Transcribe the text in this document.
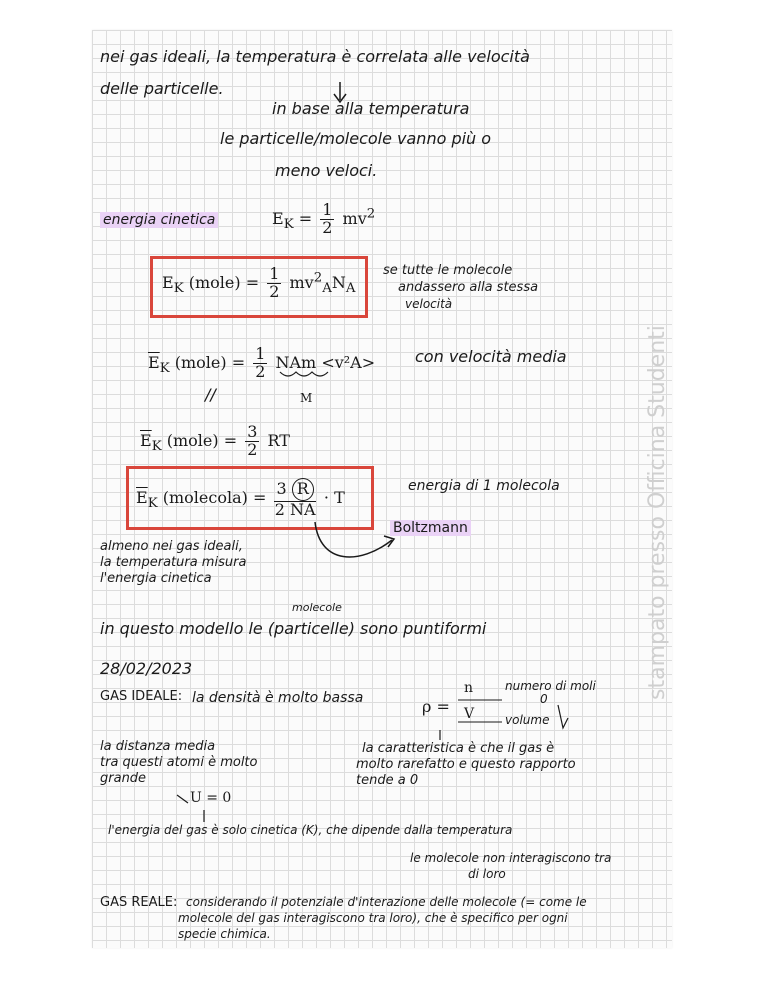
nei gas ideali, la temperatura è correlata alle velocità
delle particelle.
in base alla temperatura
le particelle/molecole vanno più o
meno veloci.
energia cinetica	$E_K = \frac{1}{2} mv^2$
$E_K$ (mole) = $\frac{1}{2} mv^2_AN_A$
se tutte le molecole
andassero alla stessa
velocità
$\overline{E}_K$ (mole) = $\frac{1}{2}$ NAm <v²A>
M
con velocità media
//
$\overline{E}_K$ (mole) = $\frac{3}{2}$ RT
$\overline{E}_K$ (molecola) = $\frac{3 R}{2 NA} \cdot T$
energia di 1 molecola
Boltzmann
almeno nei gas ideali,
la temperatura misura
l'energia cinetica
molecole
in questo modello le (particelle) sono puntiformi
28/02/2023
GAS IDEALE: la densità è molto bassa	ρ =
n
V
numero di moli
0
volume
la distanza media
tra questi atomi è molto
grande
U = 0
la caratteristica è che il gas è
molto rarefatto e questo rapporto
tende a 0
l'energia del gas è solo cinetica (K), che dipende dalla temperatura
le molecole non interagiscono tra
di loro
GAS REALE: considerando il potenziale d'interazione delle molecole (= come le
molecole del gas interagiscono tra loro), che è specifico per ogni
specie chimica.
stampato presso Officina Studenti
